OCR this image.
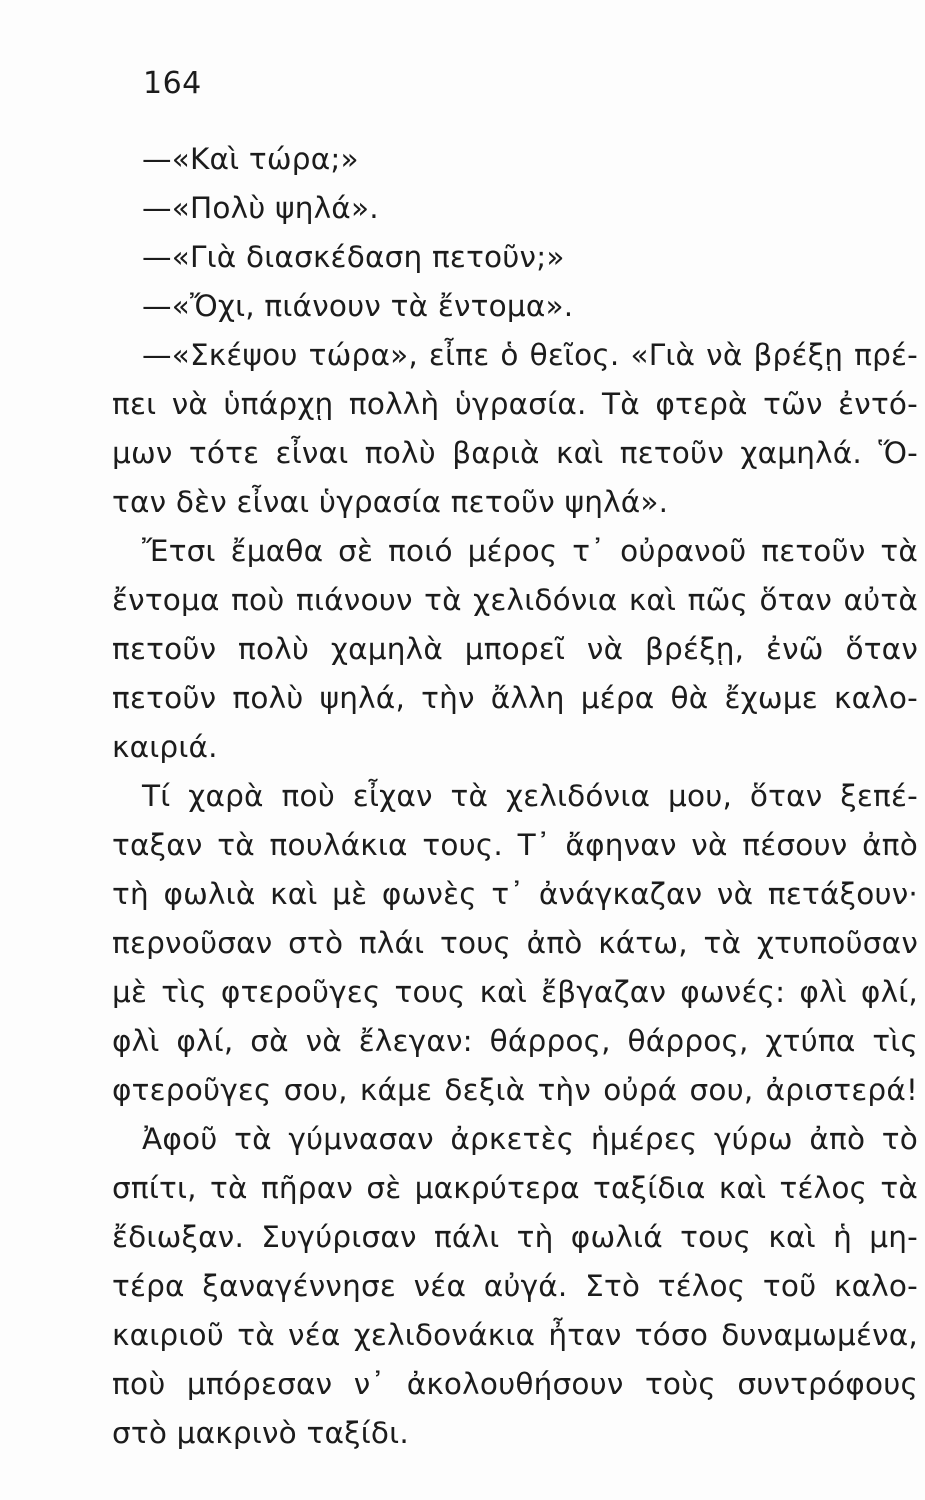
164
—«Καὶ τώρα;»
—«Πολὺ ψηλά».
—«Γιὰ διασκέδαση πετοῦν;»
—«Ὄχι, πιάνουν τὰ ἔντομα».
—«Σκέψου τώρα», εἶπε ὁ θεῖος. «Γιὰ νὰ βρέξῃ πρέ-
πει νὰ ὑπάρχῃ πολλὴ ὑγρασία. Τὰ φτερὰ τῶν ἐντό-
μων τότε εἶναι πολὺ βαριὰ καὶ πετοῦν χαμηλά. Ὅ-
ταν δὲν εἶναι ὑγρασία πετοῦν ψηλά».
Ἔτσι ἔμαθα σὲ ποιό μέρος τ᾽ οὐρανοῦ πετοῦν τὰ
ἔντομα ποὺ πιάνουν τὰ χελιδόνια καὶ πῶς ὅταν αὐτὰ
πετοῦν πολὺ χαμηλὰ μπορεῖ νὰ βρέξῃ, ἐνῶ ὅταν
πετοῦν πολὺ ψηλά, τὴν ἄλλη μέρα θὰ ἔχωμε καλο-
καιριά.
Τί χαρὰ ποὺ εἶχαν τὰ χελιδόνια μου, ὅταν ξεπέ-
ταξαν τὰ πουλάκια τους. Τ᾽ ἄφηναν νὰ πέσουν ἀπὸ
τὴ φωλιὰ καὶ μὲ φωνὲς τ᾽ ἀνάγκαζαν νὰ πετάξουν·
περνοῦσαν στὸ πλάι τους ἀπὸ κάτω, τὰ χτυποῦσαν
μὲ τὶς φτεροῦγες τους καὶ ἔβγαζαν φωνές: φλὶ φλί,
φλὶ φλί, σὰ νὰ ἔλεγαν: θάρρος, θάρρος, χτύπα τὶς
φτεροῦγες σου, κάμε δεξιὰ τὴν οὐρά σου, ἀριστερά!
Ἀφοῦ τὰ γύμνασαν ἀρκετὲς ἡμέρες γύρω ἀπὸ τὸ
σπίτι, τὰ πῆραν σὲ μακρύτερα ταξίδια καὶ τέλος τὰ
ἔδιωξαν. Συγύρισαν πάλι τὴ φωλιά τους καὶ ἡ μη-
τέρα ξαναγέννησε νέα αὐγά. Στὸ τέλος τοῦ καλο-
καιριοῦ τὰ νέα χελιδονάκια ἦταν τόσο δυναμωμένα,
ποὺ μπόρεσαν ν᾽ ἀκολουθήσουν τοὺς συντρόφους
στὸ μακρινὸ ταξίδι.
